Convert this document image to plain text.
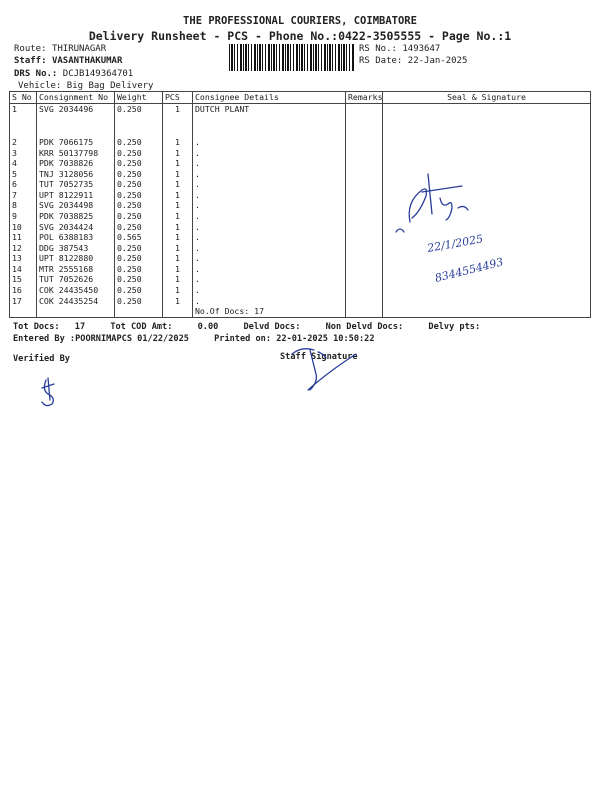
THE PROFESSIONAL COURIERS, COIMBATORE
Delivery Runsheet - PCS - Phone No.:0422-3505555 - Page No.:1
Route: THIRUNAGAR
Staff: VASANTHAKUMAR
DRS No.: DCJB149364701
Vehicle: Big Bag Delivery
RS No.: 1493647
RS Date: 22-Jan-2025
S No	Consignment No	Weight	PCS	Consignee Details	Remarks	Seal & Signature
1	SVG 2034496	0.250	1	DUTCH PLANT		

2	PDK 7066175	0.250	1	.		
3	KRR 50137798	0.250	1	.		
4	PDK 7038826	0.250	1	.		
5	TNJ 3128056	0.250	1	.		
6	TUT 7052735	0.250	1	.		
7	UPT 8122911	0.250	1	.		
8	SVG 2034498	0.250	1	.		
9	PDK 7038825	0.250	1	.		
10	SVG 2034424	0.250	1	.		
11	POL 6388183	0.565	1	.		
12	DDG 387543	0.250	1	.		
13	UPT 8122880	0.250	1	.		
14	MTR 2555168	0.250	1	.		
15	TUT 7052626	0.250	1	.		
16	COK 24435450	0.250	1	.		
17	COK 24435254	0.250	1	.		
				No.Of Docs: 17		
Tot Docs: 17	Tot COD Amt:	0.00	Delvd Docs:	Non Delvd Docs:	Delvy pts:
Entered By :POORNIMAPCS 01/22/2025	Printed on: 22-01-2025 10:50:22
Verified By	Staff Signature
22/1/2025
8344554493
